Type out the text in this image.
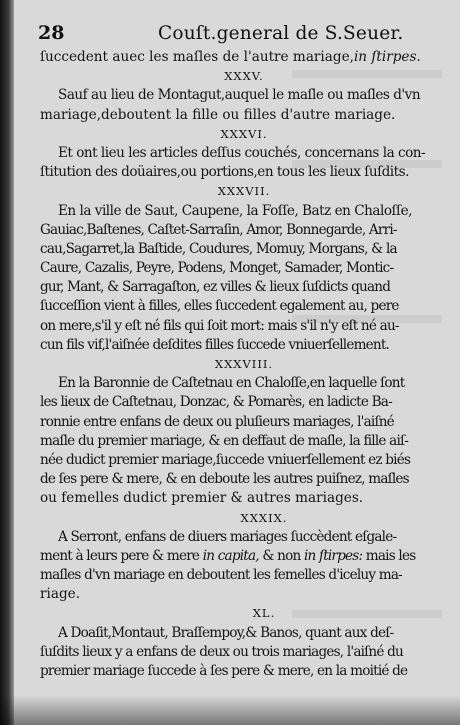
28	Couſt.general de S.Seuer.
ſuccedent auec les maſles de l'autre mariage,in ſtirpes.
XXXV.
Sauf au lieu de Montagut,auquel le maſle ou maſles d'vn
mariage,deboutent la fille ou filles d'autre mariage.
XXXVI.
Et ont lieu les articles deſſus couchés, concernans la con-
ſtitution des doüaires,ou portions,en tous les lieux ſuſdits.
XXXVII.
En la ville de Saut, Caupene, la Foſſe, Batz en Chaloſſe,
Gauiac,Baſtenes, Caſtet-Sarraſin, Amor, Bonnegarde, Arri-
cau,Sagarret,la Baſtide, Coudures, Momuy, Morgans, & la
Caure, Cazalis, Peyre, Podens, Monget, Samader, Montic-
gur, Mant, & Sarragaſton, ez villes & lieux ſuſdicts quand
ſucceſſion vient à filles, elles ſuccedent egalement au, pere
on mere,s'il y eſt né fils qui ſoit mort: mais s'il n'y eſt né au-
cun fils vif,l'aiſnée deſdites filles ſuccede vniuerſellement.
XXXVIII.
En la Baronnie de Caſtetnau en Chaloſſe,en laquelle ſont
les lieux de Caſtetnau, Donzac, & Pomarès, en ladicte Ba-
ronnie entre enfans de deux ou pluſieurs mariages, l'aiſné
maſle du premier mariage, & en deffaut de maſle, la fille aiſ-
née dudict premier mariage,ſuccede vniuerſellement ez biés
de ſes pere & mere, & en deboute les autres puiſnez, maſles
ou femelles dudict premier & autres mariages.
XXXIX.
A Serront, enfans de diuers mariages ſuccèdent eſgale-
ment à leurs pere & mere in capita, & non in ſtirpes: mais les
maſles d'vn mariage en deboutent les femelles d'iceluy ma-
riage.
XL.
A Doaſit,Montaut, Braſſempoy,& Banos, quant aux deſ-
ſuſdits lieux y a enfans de deux ou trois mariages, l'aiſné du
premier mariage ſuccede à ſes pere & mere, en la moitié de
